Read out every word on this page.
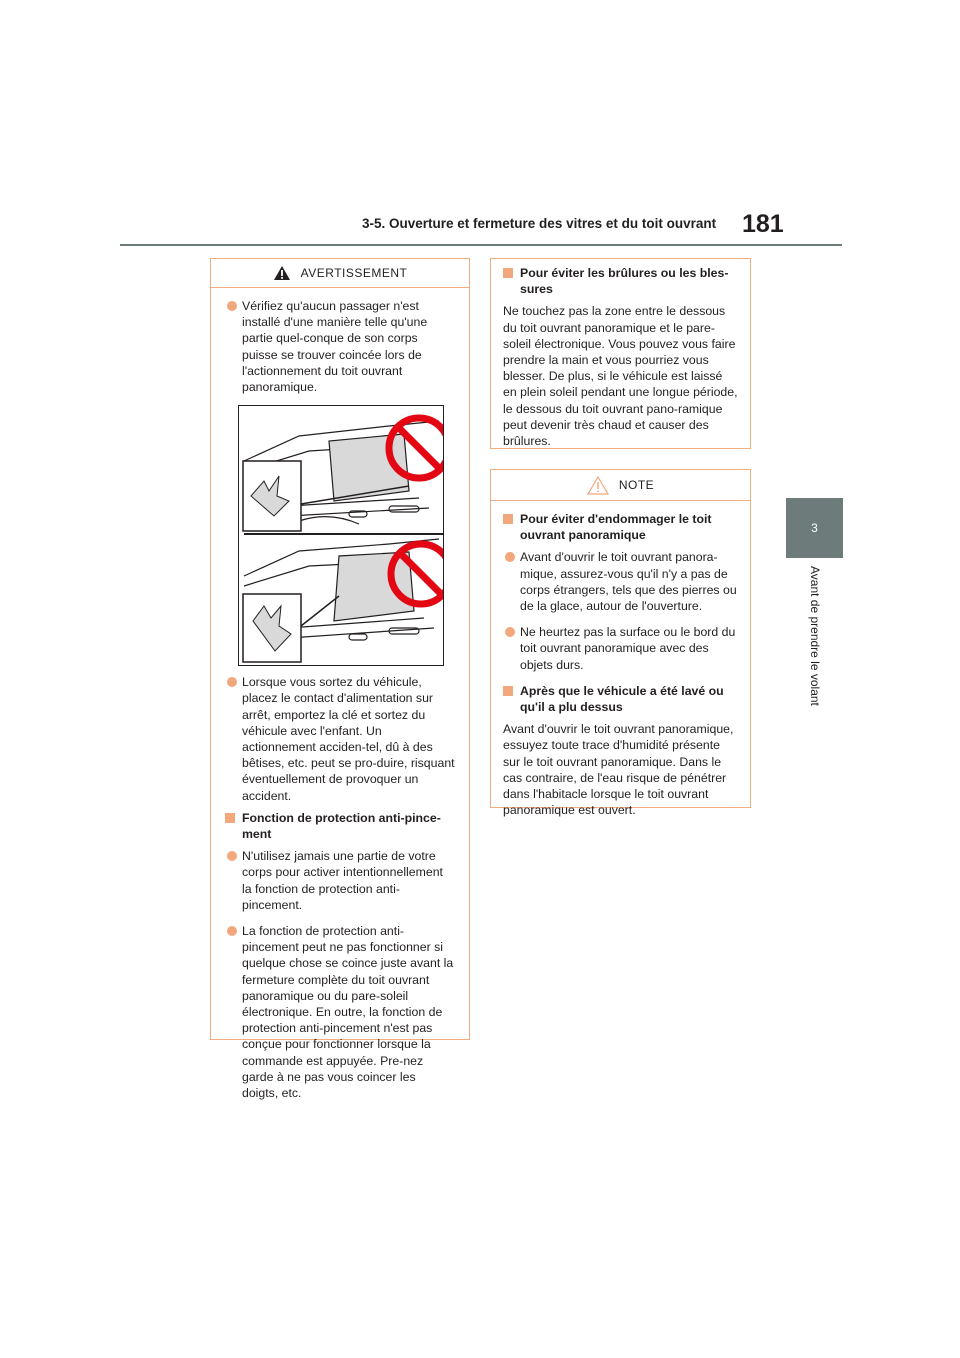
3-5. Ouverture et fermeture des vitres et du toit ouvrant 181
3
Avant de prendre le volant
AVERTISSEMENT
Vérifiez qu'aucun passager n'est installé d'une manière telle qu'une partie quel-conque de son corps puisse se trouver coincée lors de l'actionnement du toit ouvrant panoramique.
Lorsque vous sortez du véhicule, placez le contact d'alimentation sur arrêt, emportez la clé et sortez du véhicule avec l'enfant. Un actionnement acciden-tel, dû à des bêtises, etc. peut se pro-duire, risquant éventuellement de provoquer un accident.
Fonction de protection anti-pince-ment
N'utilisez jamais une partie de votre corps pour activer intentionnellement la fonction de protection anti-pincement.
La fonction de protection anti-pincement peut ne pas fonctionner si quelque chose se coince juste avant la fermeture complète du toit ouvrant panoramique ou du pare-soleil électronique. En outre, la fonction de protection anti-pincement n'est pas conçue pour fonctionner lorsque la commande est appuyée. Pre-nez garde à ne pas vous coincer les doigts, etc.
Pour éviter les brûlures ou les bles-sures

Ne touchez pas la zone entre le dessous du toit ouvrant panoramique et le pare-soleil électronique. Vous pouvez vous faire prendre la main et vous pourriez vous blesser. De plus, si le véhicule est laissé en plein soleil pendant une longue période, le dessous du toit ouvrant pano-ramique peut devenir très chaud et causer des brûlures.

NOTE
Pour éviter d'endommager le toit ouvrant panoramique
Avant d'ouvrir le toit ouvrant panora-mique, assurez-vous qu'il n'y a pas de corps étrangers, tels que des pierres ou de la glace, autour de l'ouverture.
Ne heurtez pas la surface ou le bord du toit ouvrant panoramique avec des objets durs.
Après que le véhicule a été lavé ou qu'il a plu dessus

Avant d'ouvrir le toit ouvrant panoramique, essuyez toute trace d'humidité présente sur le toit ouvrant panoramique. Dans le cas contraire, de l'eau risque de pénétrer dans l'habitacle lorsque le toit ouvrant panoramique est ouvert.
